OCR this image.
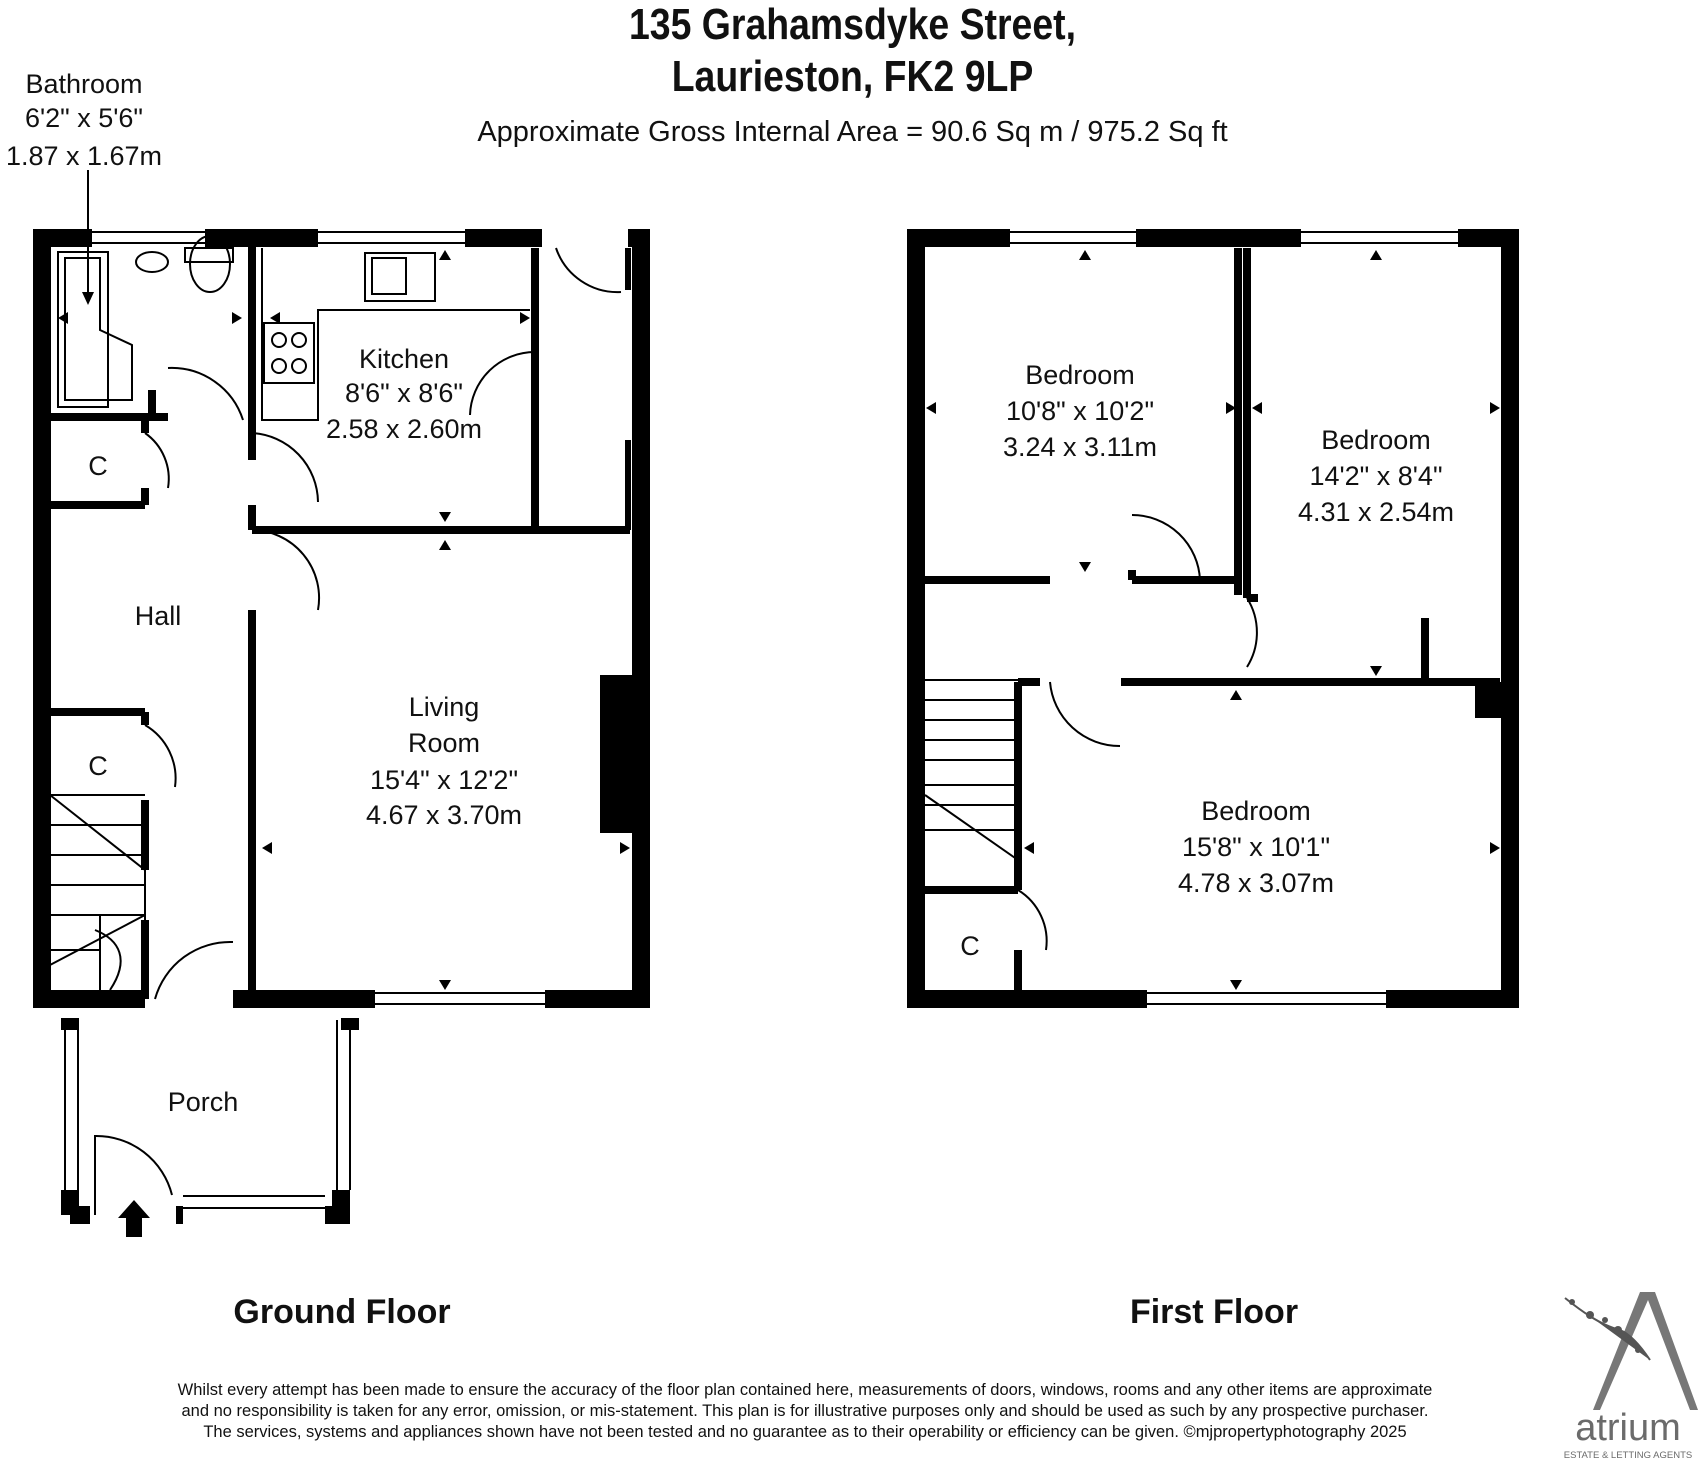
135 Grahamsdyke Street,
Laurieston, FK2 9LP
Approximate Gross Internal Area = 90.6 Sq m / 975.2 Sq ft
Bathroom
6'2" x 5'6"
1.87 x 1.67m
Kitchen
8'6" x 8'6"
2.58 x 2.60m
C
Hall
C
Living
Room
15'4" x 12'2"
4.67 x 3.70m
Porch
Bedroom
10'8" x 10'2"
3.24 x 3.11m	Bedroom
14'2" x 8'4"
4.31 x 2.54m
Bedroom
15'8" x 10'1"
4.78 x 3.07m
C
Ground Floor	First Floor
atrium
ESTATE & LETTING AGENTS
Whilst every attempt has been made to ensure the accuracy of the floor plan contained here, measurements of doors, windows, rooms and any other items are approximate
and no responsibility is taken for any error, omission, or mis-statement. This plan is for illustrative purposes only and should be used as such by any prospective purchaser.
The services, systems and appliances shown have not been tested and no guarantee as to their operability or efficiency can be given. ©mjpropertyphotography 2025
